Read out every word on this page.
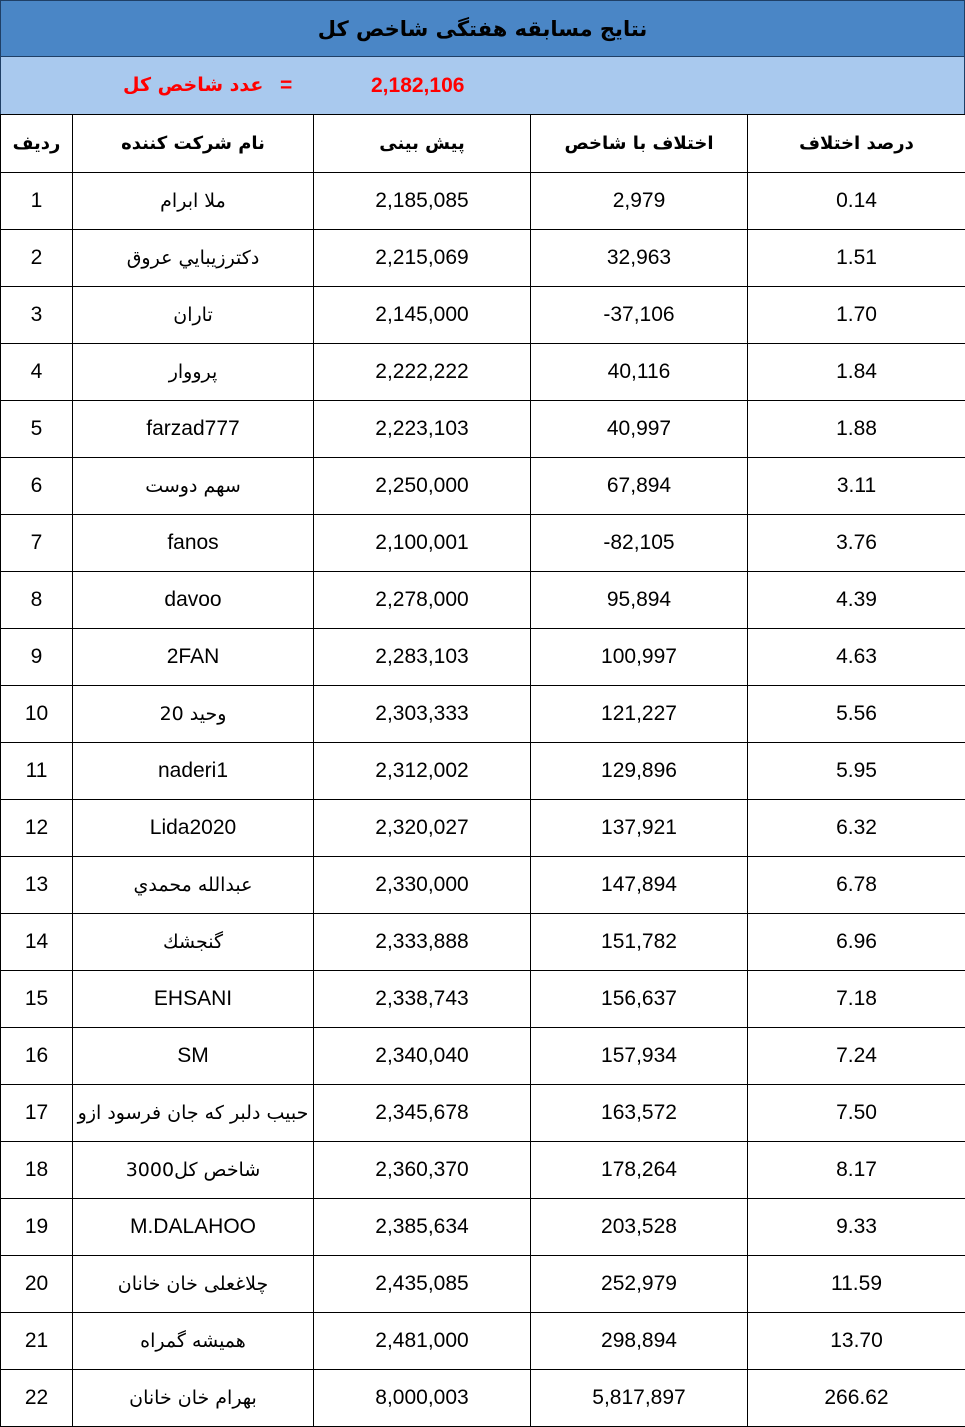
نتایج مسابقه هفتگی شاخص کل
2,182,106
=
عدد شاخص کل
ردیف	نام شرکت کننده	پیش بینی	اختلاف با شاخص	درصد اختلاف
1	ملا ابرام	2,185,085	2,979	0.14
2	دکترزيبايي عروق	2,215,069	32,963	1.51
3	تاران	2,145,000	-37,106	1.70
4	پرووار	2,222,222	40,116	1.84
5	farzad777	2,223,103	40,997	1.88
6	سهم دوست	2,250,000	67,894	3.11
7	fanos	2,100,001	-82,105	3.76
8	davoo	2,278,000	95,894	4.39
9	2FAN	2,283,103	100,997	4.63
10	وحید 20	2,303,333	121,227	5.56
11	naderi1	2,312,002	129,896	5.95
12	Lida2020	2,320,027	137,921	6.32
13	عبدالله محمدي	2,330,000	147,894	6.78
14	گنجشك	2,333,888	151,782	6.96
15	EHSANI	2,338,743	156,637	7.18
16	SM	2,340,040	157,934	7.24
17	حبیب دلبر که جان فرسود ازو	2,345,678	163,572	7.50
18	شاخص کل3000	2,360,370	178,264	8.17
19	M.DALAHOO	2,385,634	203,528	9.33
20	چلاغعلی خان خانان	2,435,085	252,979	11.59
21	همیشه گمراه	2,481,000	298,894	13.70
22	بهرام خان خانان	8,000,003	5,817,897	266.62
